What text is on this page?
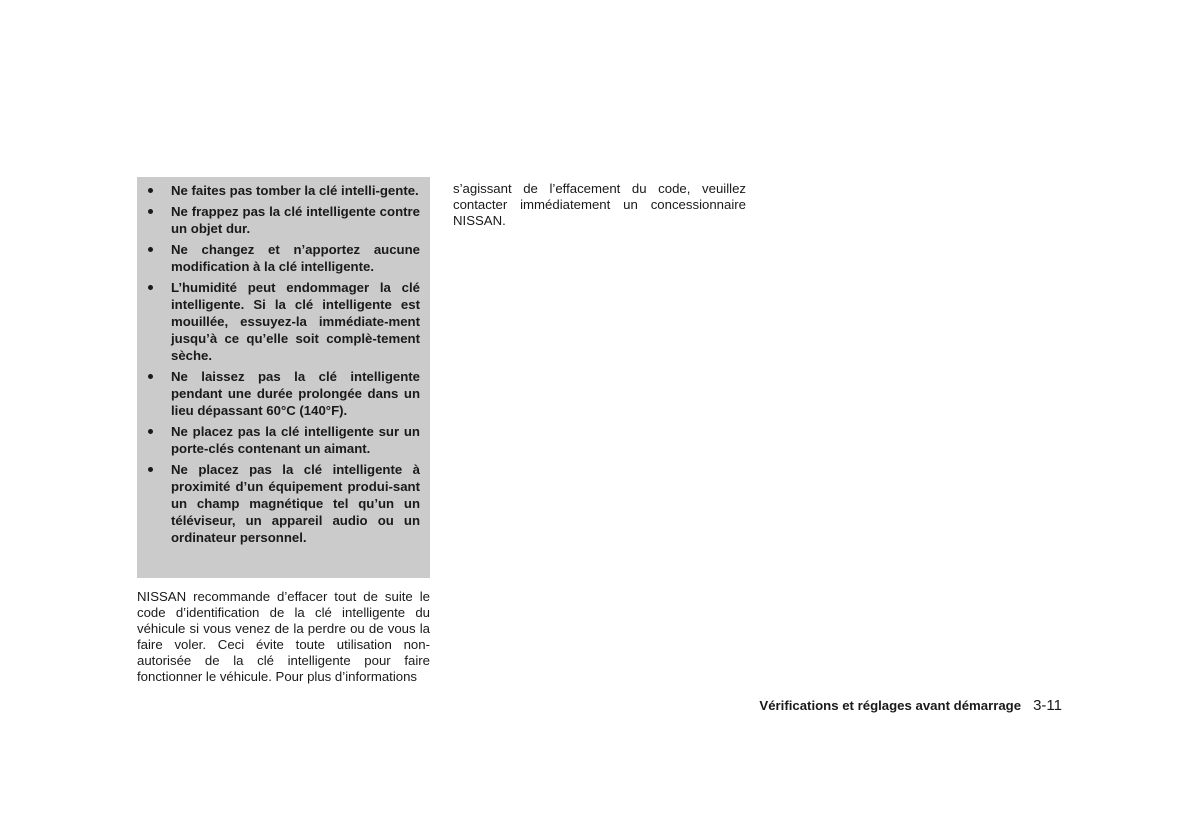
Ne faites pas tomber la clé intelli-gente.
Ne frappez pas la clé intelligente contre un objet dur.
Ne changez et n’apportez aucune modification à la clé intelligente.
L’humidité peut endommager la clé intelligente. Si la clé intelligente est mouillée, essuyez-la immédiate-ment jusqu’à ce qu’elle soit complè-tement sèche.
Ne laissez pas la clé intelligente pendant une durée prolongée dans un lieu dépassant 60°C (140°F).
Ne placez pas la clé intelligente sur un porte-clés contenant un aimant.
Ne placez pas la clé intelligente à proximité d’un équipement produi-sant un champ magnétique tel qu’un un téléviseur, un appareil audio ou un ordinateur personnel.

NISSAN recommande d’effacer tout de suite le code d’identification de la clé intelligente du véhicule si vous venez de la perdre ou de vous la faire voler. Ceci évite toute utilisation non-autorisée de la clé intelligente pour faire fonctionner le véhicule. Pour plus d’informations

s’agissant de l’effacement du code, veuillez contacter immédiatement un concessionnaire NISSAN.

Vérifications et réglages avant démarrage 3-11
